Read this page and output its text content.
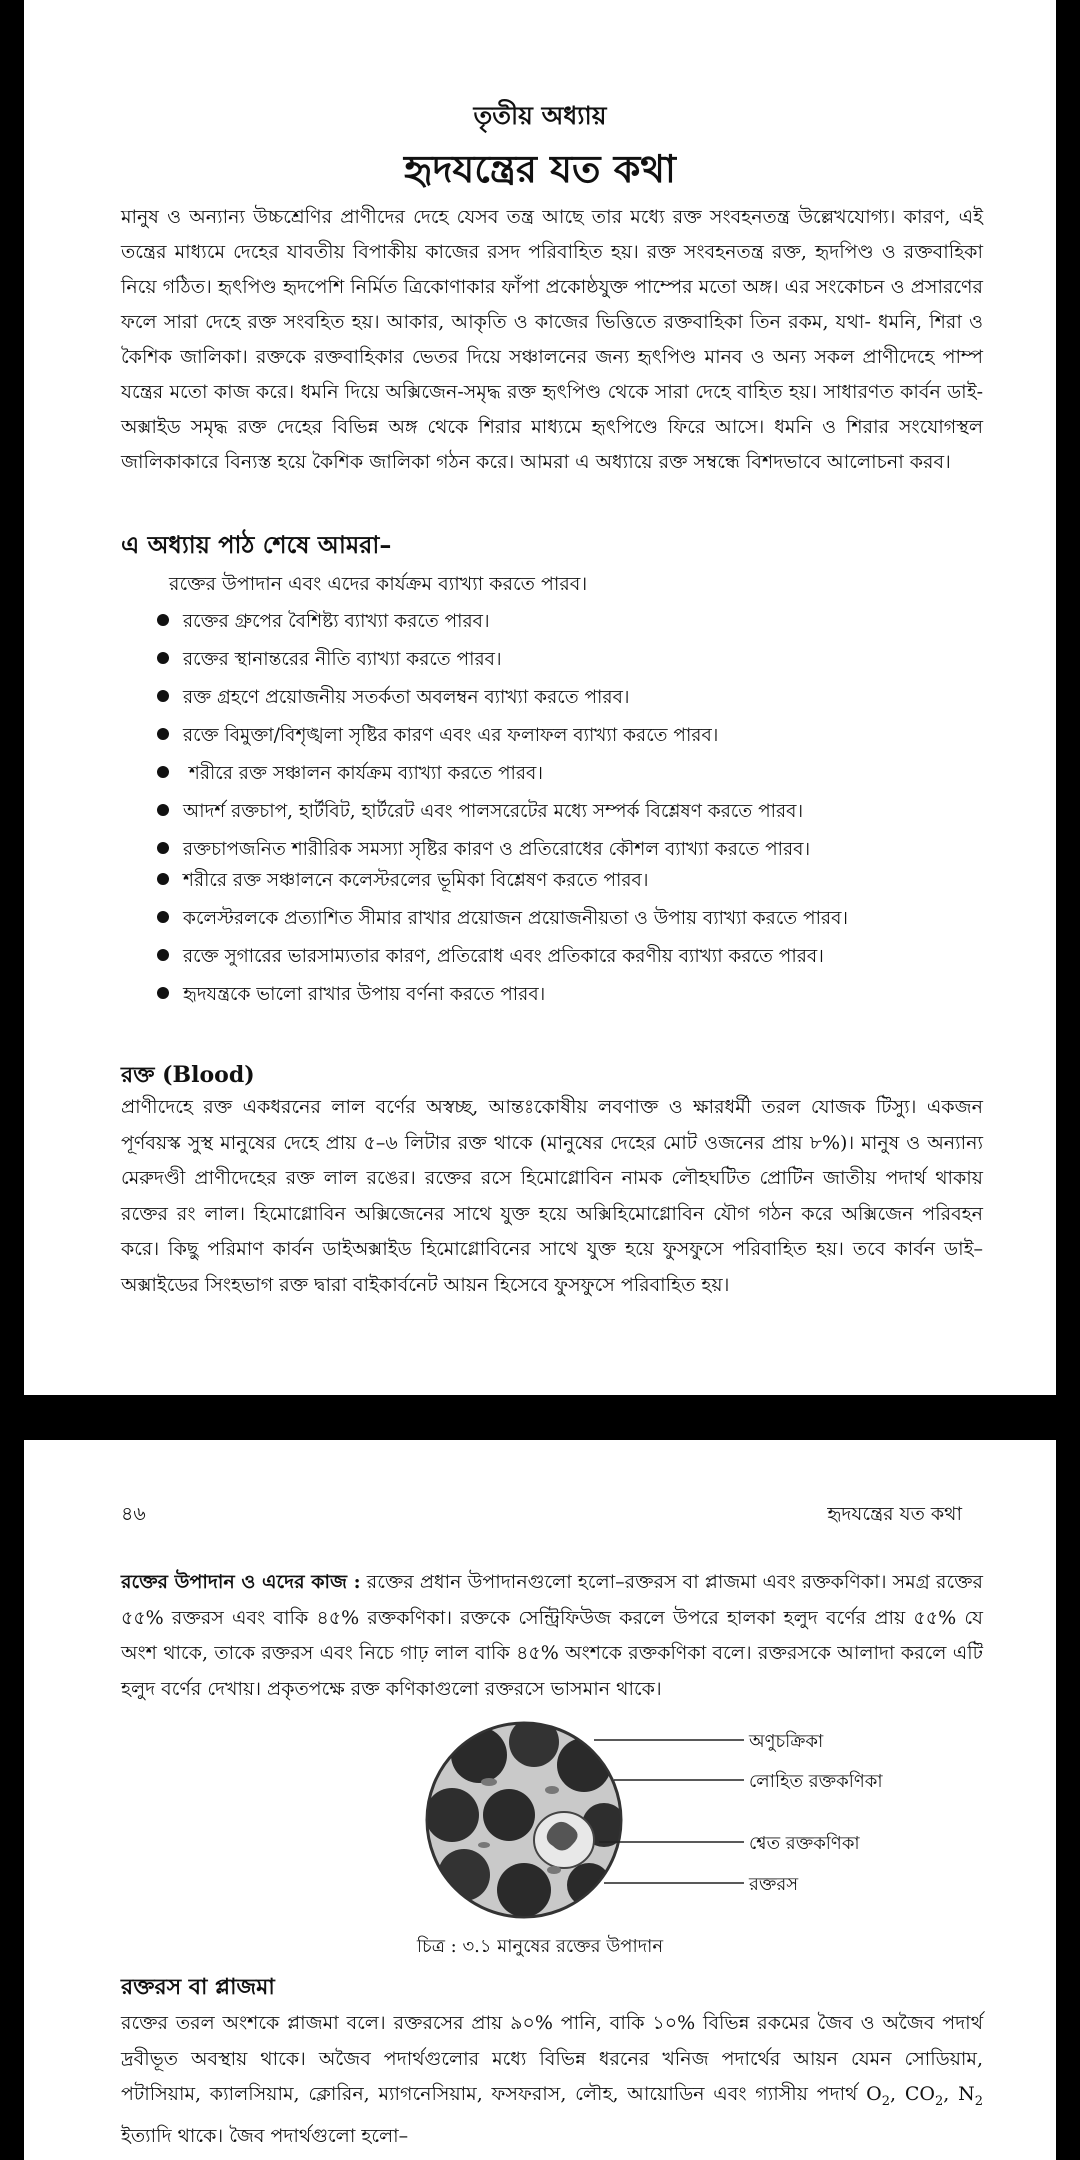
তৃতীয় অধ্যায়
হৃদযন্ত্রের যত কথা

মানুষ ও অন্যান্য উচ্চশ্রেণির প্রাণীদের দেহে যেসব তন্ত্র আছে তার মধ্যে রক্ত সংবহনতন্ত্র উল্লেখযোগ্য। কারণ, এই তন্ত্রের মাধ্যমে দেহের যাবতীয় বিপাকীয় কাজের রসদ পরিবাহিত হয়। রক্ত সংবহনতন্ত্র রক্ত, হৃদপিণ্ড ও রক্তবাহিকা নিয়ে গঠিত। হৃৎপিণ্ড হৃদপেশি নির্মিত ত্রিকোণাকার ফাঁপা প্রকোষ্ঠযুক্ত পাম্পের মতো অঙ্গ। এর সংকোচন ও প্রসারণের ফলে সারা দেহে রক্ত সংবহিত হয়। আকার, আকৃতি ও কাজের ভিত্তিতে রক্তবাহিকা তিন রকম, যথা- ধমনি, শিরা ও কৈশিক জালিকা। রক্তকে রক্তবাহিকার ভেতর দিয়ে সঞ্চালনের জন্য হৃৎপিণ্ড মানব ও অন্য সকল প্রাণীদেহে পাম্প যন্ত্রের মতো কাজ করে। ধমনি দিয়ে অক্সিজেন-সমৃদ্ধ রক্ত হৃৎপিণ্ড থেকে সারা দেহে বাহিত হয়। সাধারণত কার্বন ডাই-অক্সাইড সমৃদ্ধ রক্ত দেহের বিভিন্ন অঙ্গ থেকে শিরার মাধ্যমে হৃৎপিণ্ডে ফিরে আসে। ধমনি ও শিরার সংযোগস্থল জালিকাকারে বিন্যস্ত হয়ে কৈশিক জালিকা গঠন করে। আমরা এ অধ্যায়ে রক্ত সম্বন্ধে বিশদভাবে আলোচনা করব।

এ অধ্যায় পাঠ শেষে আমরা–
রক্তের উপাদান এবং এদের কার্যক্রম ব্যাখ্যা করতে পারব।
রক্তের গ্রুপের বৈশিষ্ট্য ব্যাখ্যা করতে পারব।
রক্তের স্থানান্তরের নীতি ব্যাখ্যা করতে পারব।
রক্ত গ্রহণে প্রয়োজনীয় সতর্কতা অবলম্বন ব্যাখ্যা করতে পারব।
রক্তে বিমুক্তা/বিশৃঙ্খলা সৃষ্টির কারণ এবং এর ফলাফল ব্যাখ্যা করতে পারব।
শরীরে রক্ত সঞ্চালন কার্যক্রম ব্যাখ্যা করতে পারব।
আদর্শ রক্তচাপ, হার্টবিট, হার্টরেট এবং পালসরেটের মধ্যে সম্পর্ক বিশ্লেষণ করতে পারব।
রক্তচাপজনিত শারীরিক সমস্যা সৃষ্টির কারণ ও প্রতিরোধের কৌশল ব্যাখ্যা করতে পারব।
শরীরে রক্ত সঞ্চালনে কলেস্টরলের ভূমিকা বিশ্লেষণ করতে পারব।
কলেস্টরলকে প্রত্যাশিত সীমার রাখার প্রয়োজন প্রয়োজনীয়তা ও উপায় ব্যাখ্যা করতে পারব।
রক্তে সুগারের ভারসাম্যতার কারণ, প্রতিরোধ এবং প্রতিকারে করণীয় ব্যাখ্যা করতে পারব।
হৃদযন্ত্রকে ভালো রাখার উপায় বর্ণনা করতে পারব।
রক্ত (Blood)

প্রাণীদেহে রক্ত একধরনের লাল বর্ণের অস্বচ্ছ, আন্তঃকোষীয় লবণাক্ত ও ক্ষারধর্মী তরল যোজক টিস্যু। একজন পূর্ণবয়স্ক সুস্থ মানুষের দেহে প্রায় ৫–৬ লিটার রক্ত থাকে (মানুষের দেহের মোট ওজনের প্রায় ৮%)। মানুষ ও অন্যান্য মেরুদণ্ডী প্রাণীদেহের রক্ত লাল রঙের। রক্তের রসে হিমোগ্লোবিন নামক লৌহঘটিত প্রোটিন জাতীয় পদার্থ থাকায় রক্তের রং লাল। হিমোগ্লোবিন অক্সিজেনের সাথে যুক্ত হয়ে অক্সিহিমোগ্লোবিন যৌগ গঠন করে অক্সিজেন পরিবহন করে। কিছু পরিমাণ কার্বন ডাইঅক্সাইড হিমোগ্লোবিনের সাথে যুক্ত হয়ে ফুসফুসে পরিবাহিত হয়। তবে কার্বন ডাই–অক্সাইডের সিংহভাগ রক্ত দ্বারা বাইকার্বনেট আয়ন হিসেবে ফুসফুসে পরিবাহিত হয়।

৪৬	হৃদযন্ত্রের যত কথা

রক্তের উপাদান ও এদের কাজ : রক্তের প্রধান উপাদানগুলো হলো–রক্তরস বা প্লাজমা এবং রক্তকণিকা। সমগ্র রক্তের ৫৫% রক্তরস এবং বাকি ৪৫% রক্তকণিকা। রক্তকে সেন্ট্রিফিউজ করলে উপরে হালকা হলুদ বর্ণের প্রায় ৫৫% যে অংশ থাকে, তাকে রক্তরস এবং নিচে গাঢ় লাল বাকি ৪৫% অংশকে রক্তকণিকা বলে। রক্তরসকে আলাদা করলে এটি হলুদ বর্ণের দেখায়। প্রকৃতপক্ষে রক্ত কণিকাগুলো রক্তরসে ভাসমান থাকে।

অণুচক্রিকা
লোহিত রক্তকণিকা
শ্বেত রক্তকণিকা
রক্তরস
চিত্র : ৩.১ মানুষের রক্তের উপাদান
রক্তরস বা প্লাজমা

রক্তের তরল অংশকে প্লাজমা বলে। রক্তরসের প্রায় ৯০% পানি, বাকি ১০% বিভিন্ন রকমের জৈব ও অজৈব পদার্থ দ্রবীভূত অবস্থায় থাকে। অজৈব পদার্থগুলোর মধ্যে বিভিন্ন ধরনের খনিজ পদার্থের আয়ন যেমন সোডিয়াম, পটাসিয়াম, ক্যালসিয়াম, ক্লোরিন, ম্যাগনেসিয়াম, ফসফরাস, লৌহ, আয়োডিন এবং গ্যাসীয় পদার্থ $O_2$, $CO_2$, $N_2$ ইত্যাদি থাকে। জৈব পদার্থগুলো হলো–
